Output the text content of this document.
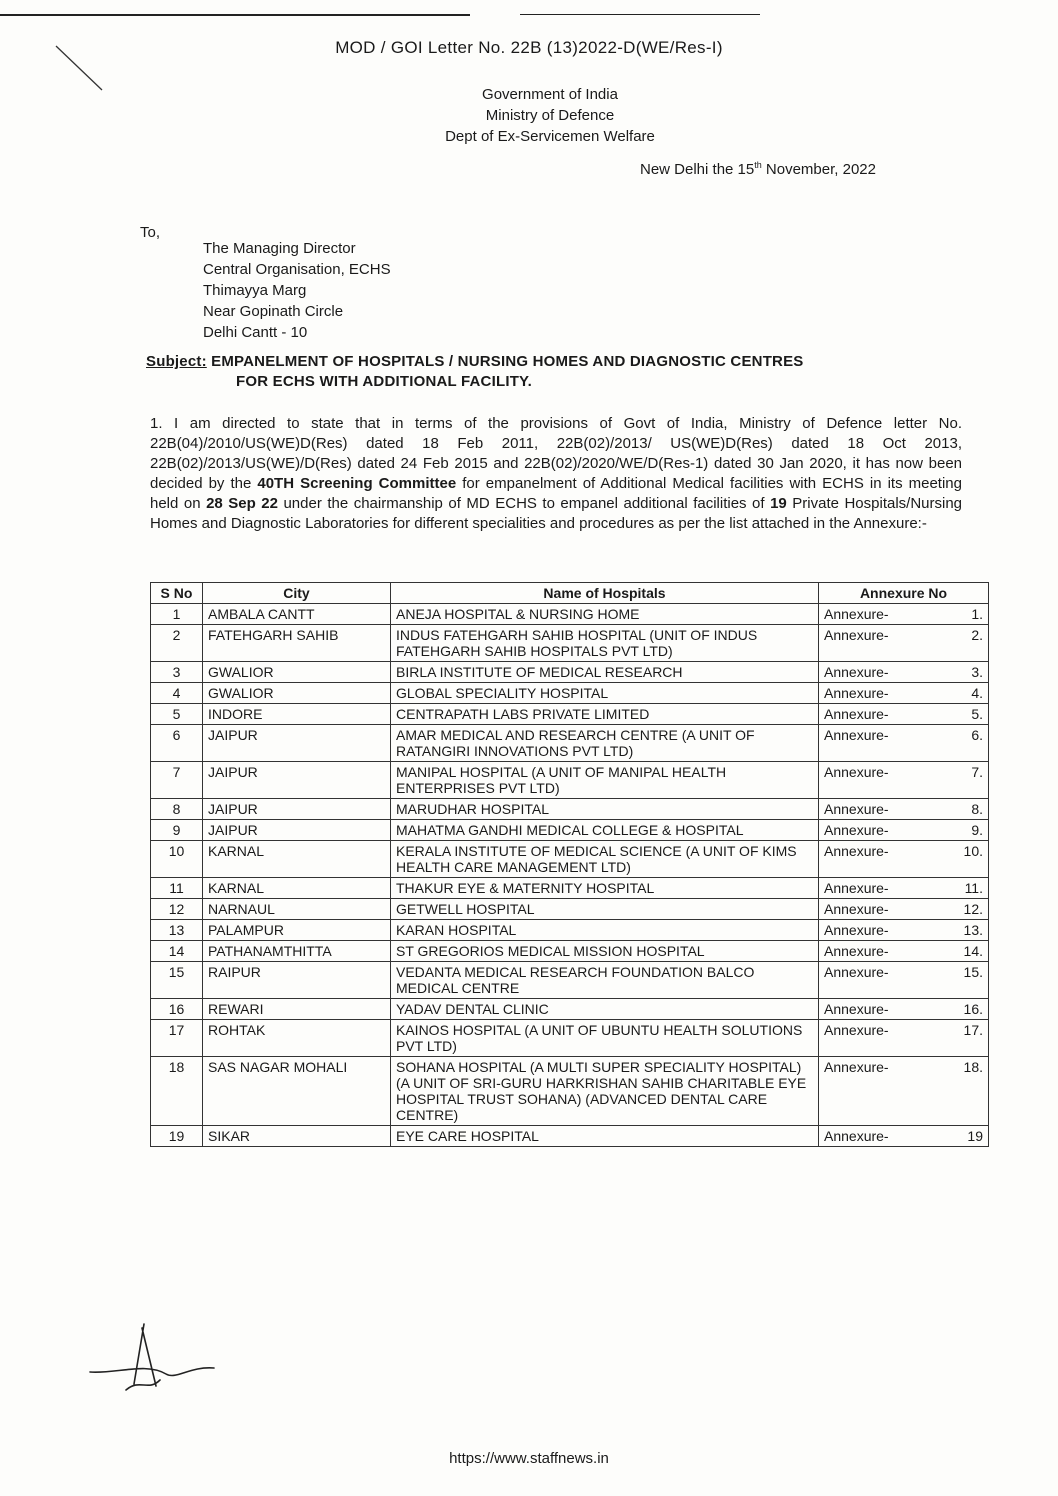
MOD / GOI Letter No. 22B (13)2022-D(WE/Res-I)
Government of India
Ministry of Defence
Dept of Ex-Servicemen Welfare
New Delhi the 15th November, 2022
To,
The Managing Director
Central Organisation, ECHS
Thimayya Marg
Near Gopinath Circle
Delhi Cantt - 10
Subject: EMPANELMENT OF HOSPITALS / NURSING HOMES AND DIAGNOSTIC CENTRES
FOR ECHS WITH ADDITIONAL FACILITY.
1. I am directed to state that in terms of the provisions of Govt of India, Ministry of Defence letter No. 22B(04)/2010/US(WE)D(Res) dated 18 Feb 2011, 22B(02)/2013/ US(WE)D(Res) dated 18 Oct 2013, 22B(02)/2013/US(WE)/D(Res) dated 24 Feb 2015 and 22B(02)/2020/WE/D(Res-1) dated 30 Jan 2020, it has now been decided by the 40TH Screening Committee for empanelment of Additional Medical facilities with ECHS in its meeting held on 28 Sep 22 under the chairmanship of MD ECHS to empanel additional facilities of 19 Private Hospitals/Nursing Homes and Diagnostic Laboratories for different specialities and procedures as per the list attached in the Annexure:-
S No	City	Name of Hospitals	Annexure No
1	AMBALA CANTT	ANEJA HOSPITAL & NURSING HOME	Annexure- 1.

2	FATEHGARH SAHIB	INDUS FATEHGARH SAHIB HOSPITAL (UNIT OF INDUS FATEHGARH SAHIB HOSPITALS PVT LTD)	Annexure- 2.

3	GWALIOR	BIRLA INSTITUTE OF MEDICAL RESEARCH	Annexure- 3.

4	GWALIOR	GLOBAL SPECIALITY HOSPITAL	Annexure- 4.

5	INDORE	CENTRAPATH LABS PRIVATE LIMITED	Annexure- 5.

6	JAIPUR	AMAR MEDICAL AND RESEARCH CENTRE (A UNIT OF RATANGIRI INNOVATIONS PVT LTD)	Annexure- 6.

7	JAIPUR	MANIPAL HOSPITAL (A UNIT OF MANIPAL HEALTH ENTERPRISES PVT LTD)	Annexure- 7.

8	JAIPUR	MARUDHAR HOSPITAL	Annexure- 8.

9	JAIPUR	MAHATMA GANDHI MEDICAL COLLEGE & HOSPITAL	Annexure- 9.

10	KARNAL	KERALA INSTITUTE OF MEDICAL SCIENCE (A UNIT OF KIMS HEALTH CARE MANAGEMENT LTD)	Annexure- 10.

11	KARNAL	THAKUR EYE & MATERNITY HOSPITAL	Annexure- 11.

12	NARNAUL	GETWELL HOSPITAL	Annexure- 12.

13	PALAMPUR	KARAN HOSPITAL	Annexure- 13.

14	PATHANAMTHITTA	ST GREGORIOS MEDICAL MISSION HOSPITAL	Annexure- 14.

15	RAIPUR	VEDANTA MEDICAL RESEARCH FOUNDATION BALCO MEDICAL CENTRE	Annexure- 15.

16	REWARI	YADAV DENTAL CLINIC	Annexure- 16.

17	ROHTAK	KAINOS HOSPITAL (A UNIT OF UBUNTU HEALTH SOLUTIONS PVT LTD)	Annexure- 17.

18	SAS NAGAR MOHALI	SOHANA HOSPITAL (A MULTI SUPER SPECIALITY HOSPITAL) (A UNIT OF SRI-GURU HARKRISHAN SAHIB CHARITABLE EYE HOSPITAL TRUST SOHANA) (ADVANCED DENTAL CARE CENTRE)	Annexure- 18.

19	SIKAR	EYE CARE HOSPITAL	Annexure- 19
https://www.staffnews.in
